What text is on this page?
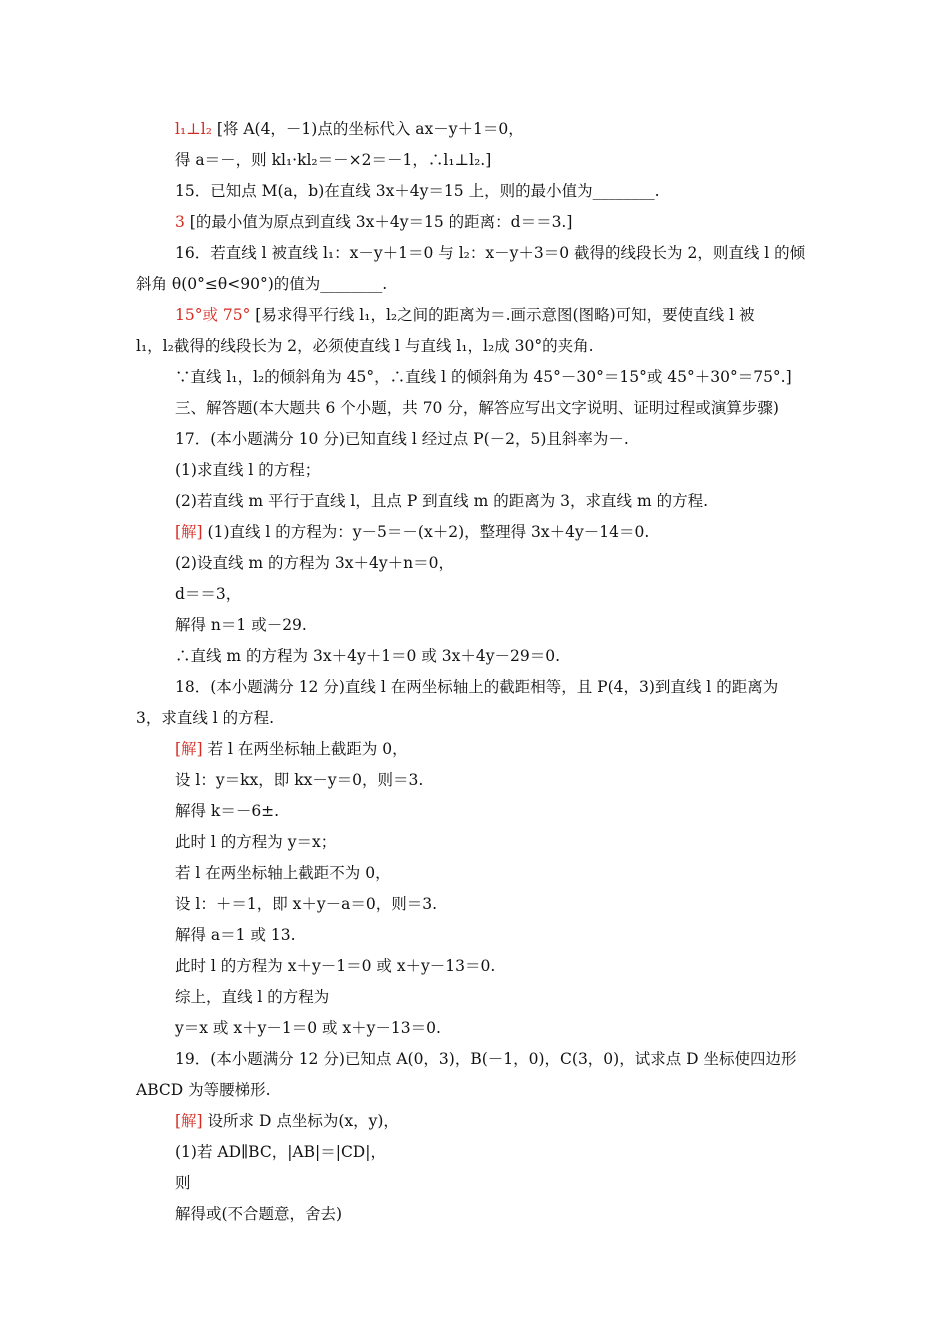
l₁⊥l₂ [将 A(4，－1)点的坐标代入 ax－y＋1＝0，
得 a＝－，则 kl₁·kl₂＝－×2＝－1，∴l₁⊥l₂.]
15．已知点 M(a，b)在直线 3x＋4y＝15 上，则的最小值为________.
3 [的最小值为原点到直线 3x＋4y＝15 的距离：d＝＝3.]
16．若直线 l 被直线 l₁：x－y＋1＝0 与 l₂：x－y＋3＝0 截得的线段长为 2，则直线 l 的倾
斜角 θ(0°≤θ<90°)的值为________.
15°或 75° [易求得平行线 l₁，l₂之间的距离为＝.画示意图(图略)可知，要使直线 l 被
l₁，l₂截得的线段长为 2，必须使直线 l 与直线 l₁，l₂成 30°的夹角.
∵直线 l₁，l₂的倾斜角为 45°，∴直线 l 的倾斜角为 45°－30°＝15°或 45°＋30°＝75°.]
三、解答题(本大题共 6 个小题，共 70 分，解答应写出文字说明、证明过程或演算步骤)
17．(本小题满分 10 分)已知直线 l 经过点 P(－2，5)且斜率为－.
(1)求直线 l 的方程；
(2)若直线 m 平行于直线 l，且点 P 到直线 m 的距离为 3，求直线 m 的方程.
[解] (1)直线 l 的方程为：y－5＝－(x＋2)，整理得 3x＋4y－14＝0.
(2)设直线 m 的方程为 3x＋4y＋n＝0，
d＝＝3，
解得 n＝1 或－29.
∴直线 m 的方程为 3x＋4y＋1＝0 或 3x＋4y－29＝0.
18．(本小题满分 12 分)直线 l 在两坐标轴上的截距相等，且 P(4，3)到直线 l 的距离为
3，求直线 l 的方程.
[解] 若 l 在两坐标轴上截距为 0，
设 l：y＝kx，即 kx－y＝0，则＝3.
解得 k＝－6±.
此时 l 的方程为 y＝x；
若 l 在两坐标轴上截距不为 0，
设 l：＋＝1，即 x＋y－a＝0，则＝3.
解得 a＝1 或 13.
此时 l 的方程为 x＋y－1＝0 或 x＋y－13＝0.
综上，直线 l 的方程为
y＝x 或 x＋y－1＝0 或 x＋y－13＝0.
19．(本小题满分 12 分)已知点 A(0，3)，B(－1，0)，C(3，0)，试求点 D 坐标使四边形
ABCD 为等腰梯形.
[解] 设所求 D 点坐标为(x，y)，
(1)若 AD∥BC，|AB|＝|CD|，
则
解得或(不合题意，舍去)
